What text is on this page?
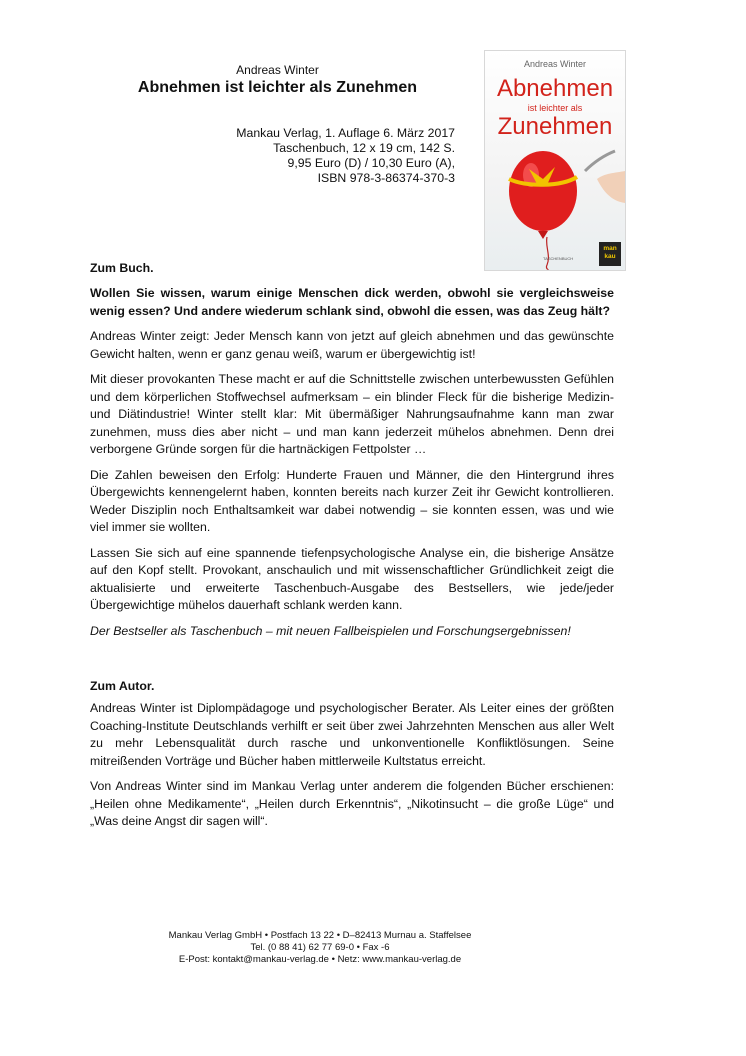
Andreas Winter
Abnehmen ist leichter als Zunehmen
Mankau Verlag, 1. Auflage 6. März 2017
Taschenbuch, 12 x 19 cm, 142 S.
9,95 Euro (D) / 10,30 Euro (A),
ISBN 978-3-86374-370-3
Andreas Winter
Abnehmen
ist leichter als
Zunehmen
TASCHENBUCH
man
kau
Zum Buch.

Wollen Sie wissen, warum einige Menschen dick werden, obwohl sie vergleichsweise wenig essen? Und andere wiederum schlank sind, obwohl die essen, was das Zeug hält?

Andreas Winter zeigt: Jeder Mensch kann von jetzt auf gleich abnehmen und das gewünschte Gewicht halten, wenn er ganz genau weiß, warum er übergewichtig ist!

Mit dieser provokanten These macht er auf die Schnittstelle zwischen unterbewussten Gefühlen und dem körperlichen Stoffwechsel aufmerksam – ein blinder Fleck für die bisherige Medizin- und Diätindustrie! Winter stellt klar: Mit übermäßiger Nahrungsaufnahme kann man zwar zunehmen, muss dies aber nicht – und man kann jederzeit mühelos abnehmen. Denn drei verborgene Gründe sorgen für die hartnäckigen Fettpolster …

Die Zahlen beweisen den Erfolg: Hunderte Frauen und Männer, die den Hintergrund ihres Übergewichts kennengelernt haben, konnten bereits nach kurzer Zeit ihr Gewicht kontrollieren. Weder Disziplin noch Enthaltsamkeit war dabei notwendig – sie konnten essen, was und wie viel immer sie wollten.

Lassen Sie sich auf eine spannende tiefenpsychologische Analyse ein, die bisherige Ansätze auf den Kopf stellt. Provokant, anschaulich und mit wissenschaftlicher Gründlichkeit zeigt die aktualisierte und erweiterte Taschenbuch-Ausgabe des Bestsellers, wie jede/jeder Übergewichtige mühelos dauerhaft schlank werden kann.

Der Bestseller als Taschenbuch – mit neuen Fallbeispielen und Forschungsergebnissen!

Zum Autor.

Andreas Winter ist Diplompädagoge und psychologischer Berater. Als Leiter eines der größten Coaching-Institute Deutschlands verhilft er seit über zwei Jahrzehnten Menschen aus aller Welt zu mehr Lebensqualität durch rasche und unkonventionelle Konfliktlösungen. Seine mitreißenden Vorträge und Bücher haben mittlerweile Kultstatus erreicht.

Von Andreas Winter sind im Mankau Verlag unter anderem die folgenden Bücher erschienen: „Heilen ohne Medikamente“, „Heilen durch Erkenntnis“, „Nikotinsucht – die große Lüge“ und „Was deine Angst dir sagen will“.

Mankau Verlag GmbH • Postfach 13 22 • D–82413 Murnau a. Staffelsee
Tel. (0 88 41) 62 77 69-0 • Fax -6
E-Post: kontakt@mankau-verlag.de • Netz: www.mankau-verlag.de
